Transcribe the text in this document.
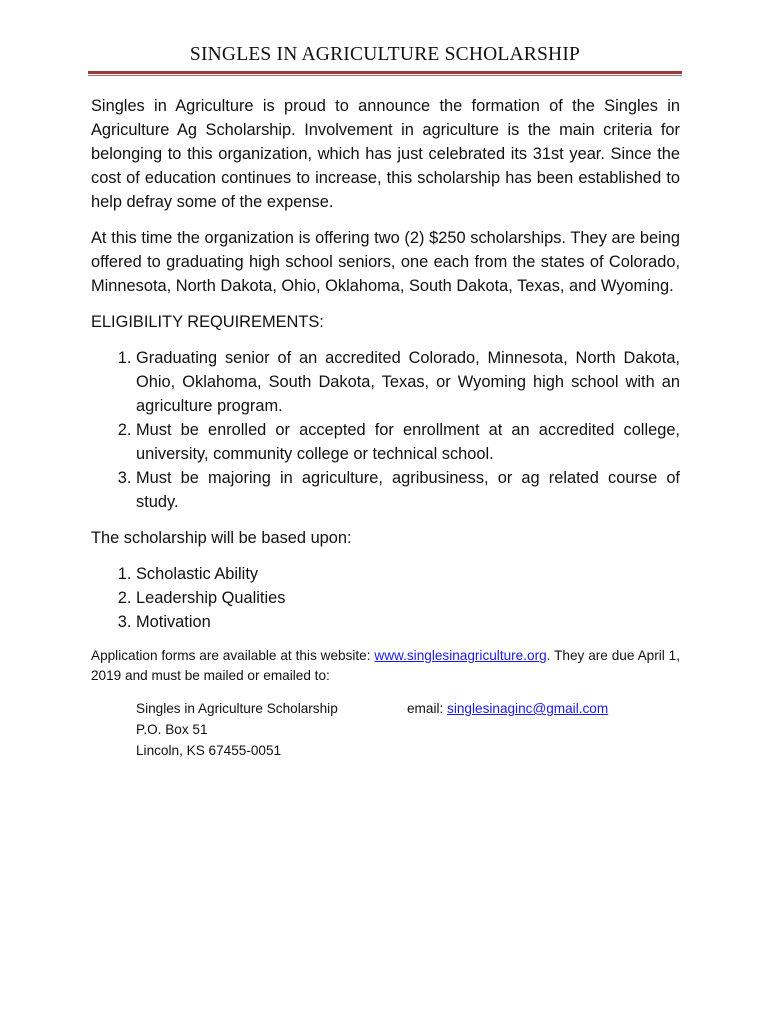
SINGLES IN AGRICULTURE SCHOLARSHIP

Singles in Agriculture is proud to announce the formation of the Singles in Agriculture Ag Scholarship. Involvement in agriculture is the main criteria for belonging to this organization, which has just celebrated its 31st year. Since the cost of education continues to increase, this scholarship has been established to help defray some of the expense.

At this time the organization is offering two (2) $250 scholarships. They are being offered to graduating high school seniors, one each from the states of Colorado, Minnesota, North Dakota, Ohio, Oklahoma, South Dakota, Texas, and Wyoming.

ELIGIBILITY REQUIREMENTS:

1. Graduating senior of an accredited Colorado, Minnesota, North Dakota, Ohio, Oklahoma, South Dakota, Texas, or Wyoming high school with an agriculture program.
2. Must be enrolled or accepted for enrollment at an accredited college, university, community college or technical school.
3. Must be majoring in agriculture, agribusiness, or ag related course of study.

The scholarship will be based upon:

1. Scholastic Ability
2. Leadership Qualities
3. Motivation

Application forms are available at this website: www.singlesinagriculture.org. They are due April 1, 2019 and must be mailed or emailed to:

Singles in Agriculture Scholarship
P.O. Box 51
Lincoln, KS 67455-0051
email: singlesinaginc@gmail.com
